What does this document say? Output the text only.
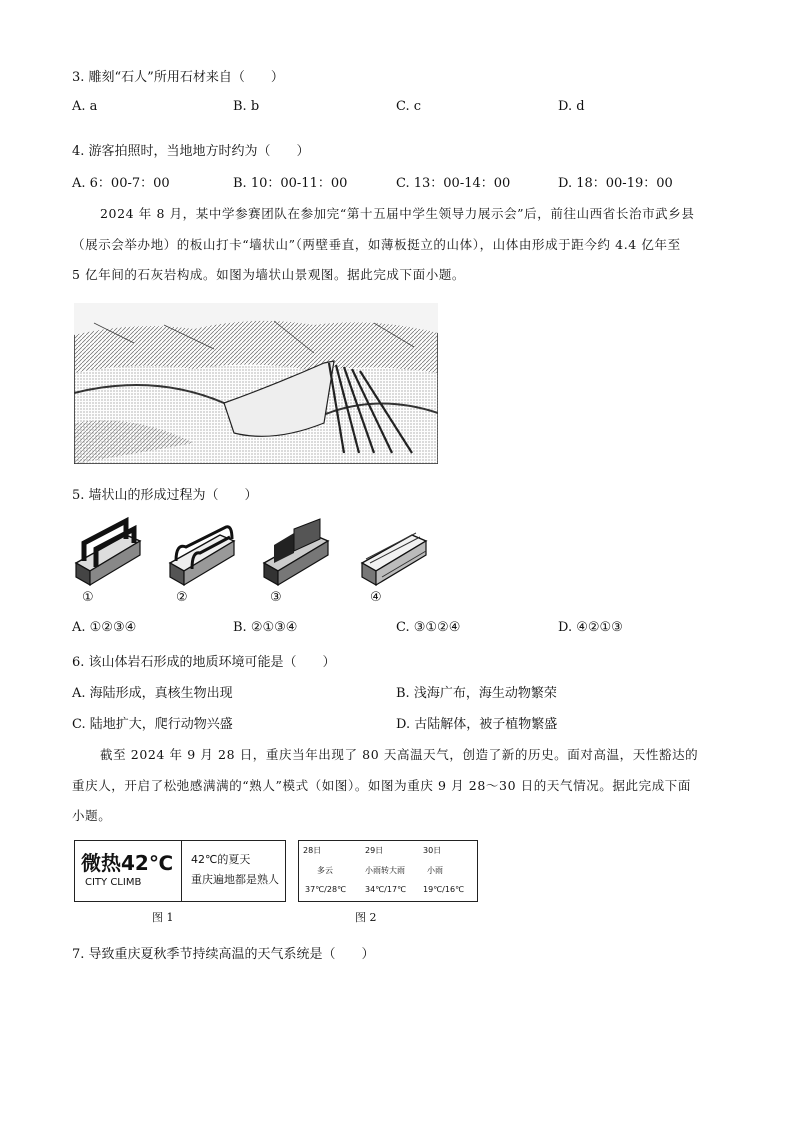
3. 雕刻“石人”所用石材来自（　　）
A. a	B. b	C. c	D. d
4. 游客拍照时，当地地方时约为（　　）
A. 6：00-7：00	B. 10：00-11：00	C. 13：00-14：00	D. 18：00-19：00
2024 年 8 月，某中学参赛团队在参加完“第十五届中学生领导力展示会”后，前往山西省长治市武乡县
（展示会举办地）的板山打卡“墙状山”（两壁垂直，如薄板挺立的山体），山体由形成于距今约 4.4 亿年至
5 亿年间的石灰岩构成。如图为墙状山景观图。据此完成下面小题。
5. 墙状山的形成过程为（　　）
①	②	③	④
A. ①②③④	B. ②①③④	C. ③①②④	D. ④②①③
6. 该山体岩石形成的地质环境可能是（　　）
A. 海陆形成，真核生物出现	B. 浅海广布，海生动物繁荣
C. 陆地扩大，爬行动物兴盛	D. 古陆解体，被子植物繁盛
截至 2024 年 9 月 28 日，重庆当年出现了 80 天高温天气，创造了新的历史。面对高温，天性豁达的
重庆人，开启了松弛感满满的“熟人”模式（如图）。如图为重庆 9 月 28～30 日的天气情况。据此完成下面
小题。
微热42℃
CITY CLIMB
42℃的夏天
重庆遍地都是熟人
图 1
28日	29日	30日
多云	小雨转大雨	小雨
37℃/28℃ 34℃/17℃ 19℃/16℃
图 2
7. 导致重庆夏秋季节持续高温的天气系统是（　　）
